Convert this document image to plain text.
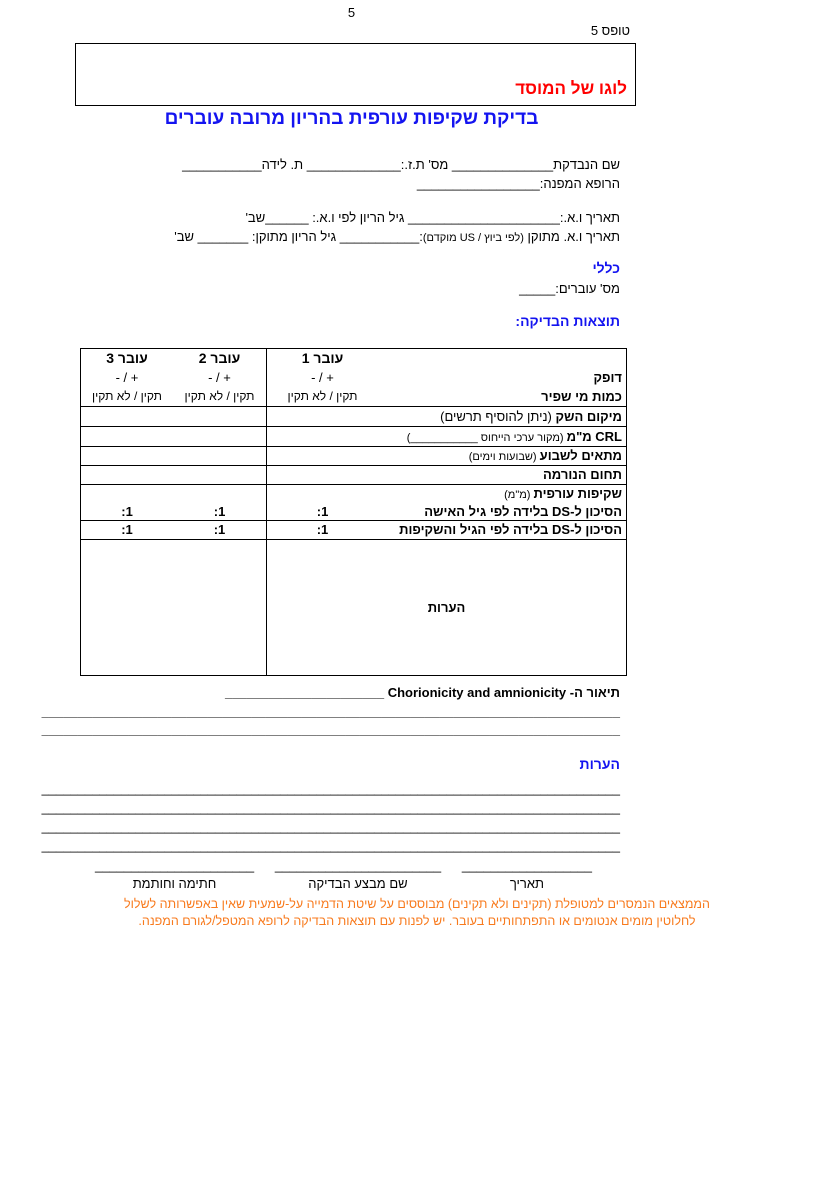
5
טופס 5
לוגו של המוסד
בדיקת שקיפות עורפית בהריון מרובה עוברים
שם הנבדקת______________ מס' ת.ז.:_____________ ת. לידה___________
הרופא המפנה:_________________
תאריך ו.א.:_____________________ גיל הריון לפי ו.א.: ______שב'
תאריך ו.א. מתוקן (לפי ביוץ / US מוקדם):___________ גיל הריון מתוקן: _______ שב'
כללי
מס' עוברים:_____
תוצאות הבדיקה:
דופק
כמות מי שפיר
עובר 1
+ / -
תקין / לא תקין
עובר 2
+ / -
תקין / לא תקין
עובר 3
+ / -
תקין / לא תקין
מיקום השק (ניתן להוסיף תרשים)
CRL מ"מ (מקור ערכי הייחוס ___________)
מתאים לשבוע (שבועות וימים)
תחום הנורמה
שקיפות עורפית (מ"מ)
הסיכון ל-DS בלידה לפי גיל האישה
1:
1:
1:
הסיכון ל-DS בלידה לפי הגיל והשקיפות
1:
1:
1:
הערות
תיאור ה- Chorionicity and amnionicity ______________________
________________________________________________________________________________
________________________________________________________________________________
הערות
________________________________________________________________________________
________________________________________________________________________________
________________________________________________________________________________
________________________________________________________________________________
__________________
תאריך
_______________________
שם מבצע הבדיקה
______________________
חתימה וחותמת
הממצאים הנמסרים למטופלת (תקינים ולא תקינים) מבוססים על שיטת הדמייה על-שמעית שאין באפשרותה לשלול
לחלוטין מומים אנטומים או התפתחותיים בעובר. יש לפנות עם תוצאות הבדיקה לרופא המטפל/לגורם המפנה.
